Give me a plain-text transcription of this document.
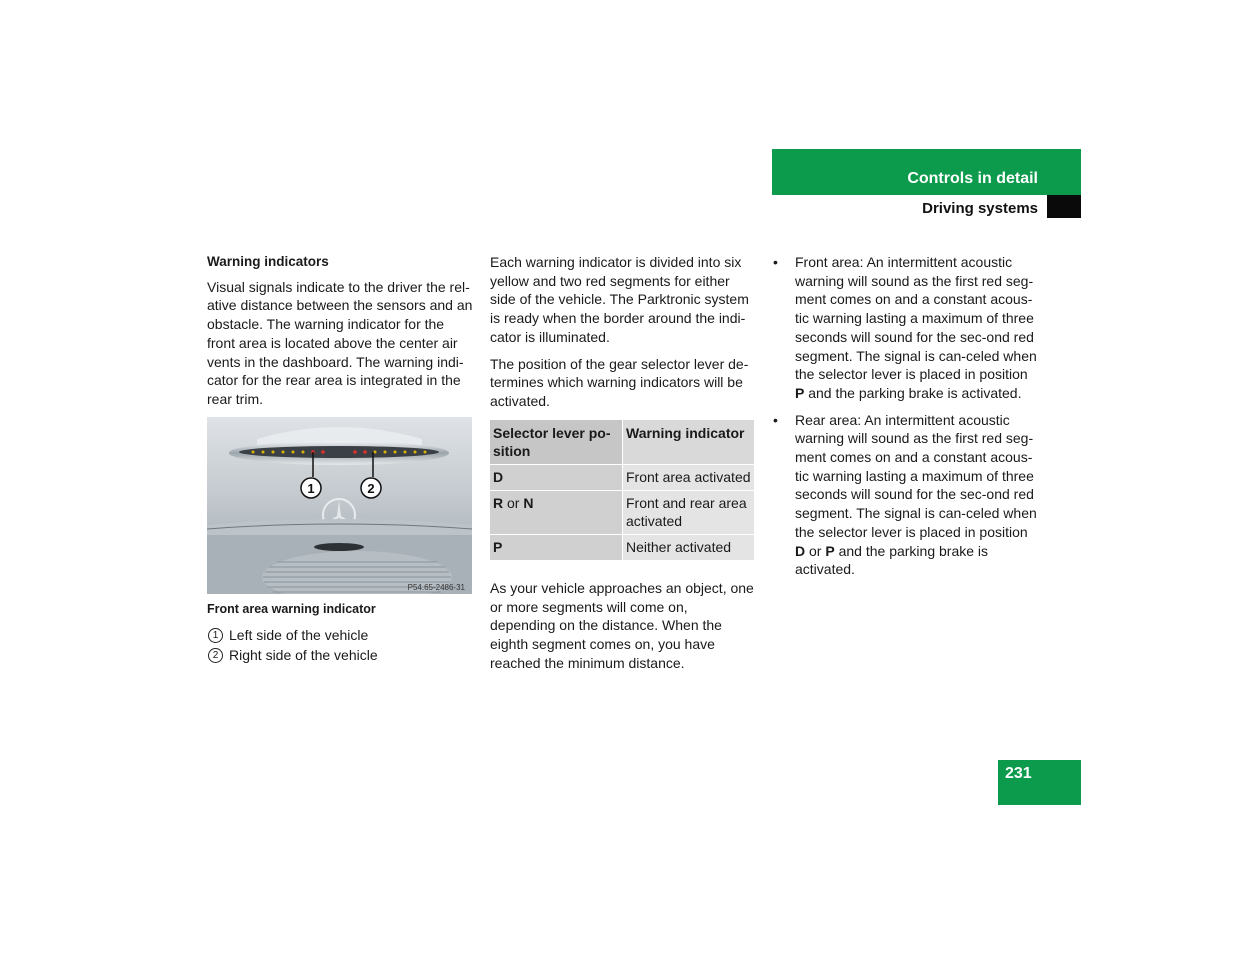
Controls in detail
Driving systems

Warning indicators

Visual signals indicate to the driver the rel-ative distance between the sensors and an obstacle. The warning indicator for the front area is located above the center air vents in the dashboard. The warning indi-cator for the rear area is integrated in the rear trim.

1	2
P54.65-2486-31

Front area warning indicator

1 Left side of the vehicle
2 Right side of the vehicle

Each warning indicator is divided into six yellow and two red segments for either side of the vehicle. The Parktronic system is ready when the border around the indi-cator is illuminated.

The position of the gear selector lever de-termines which warning indicators will be activated.

Selector lever po-sition	Warning indicator
D	Front area activated
R or N	Front and rear area activated
P	Neither activated

As your vehicle approaches an object, one or more segments will come on, depending on the distance. When the eighth segment comes on, you have reached the minimum distance.

• Front area: An intermittent acoustic warning will sound as the first red seg-ment comes on and a constant acous-tic warning lasting a maximum of three seconds will sound for the sec-ond red segment. The signal is can-celed when the selector lever is placed in position P and the parking brake is activated.
• Rear area: An intermittent acoustic warning will sound as the first red seg-ment comes on and a constant acous-tic warning lasting a maximum of three seconds will sound for the sec-ond red segment. The signal is can-celed when the selector lever is placed in position D or P and the parking brake is activated.
231
